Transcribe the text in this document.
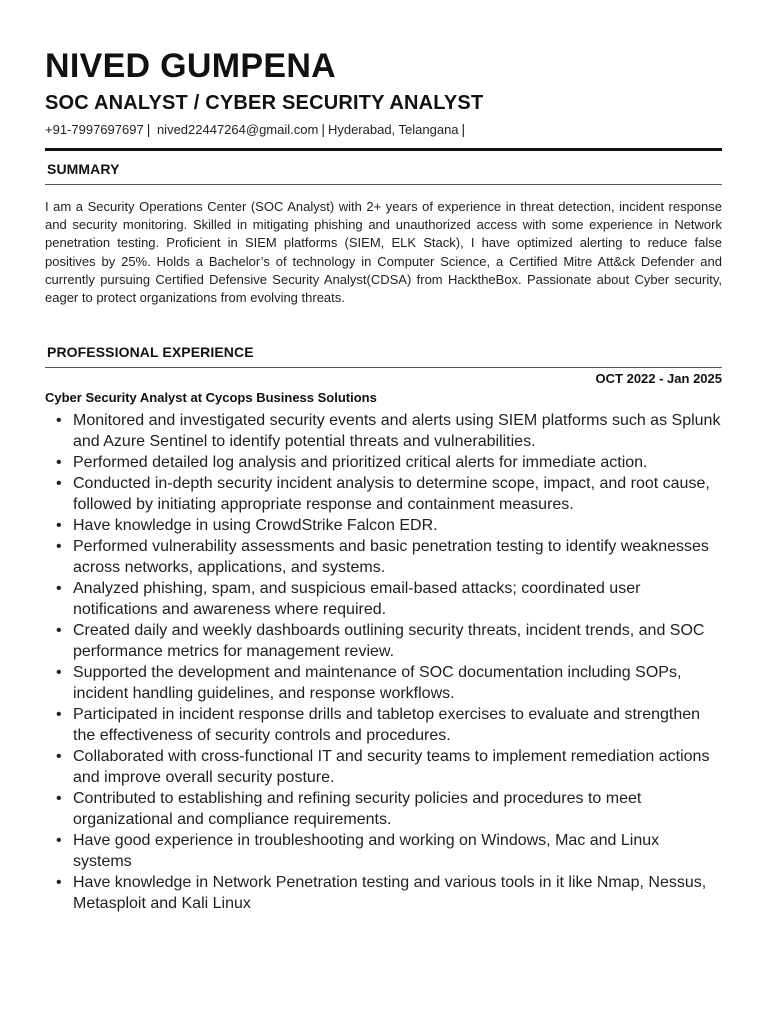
NIVED GUMPENA
SOC ANALYST / CYBER SECURITY ANALYST
+91-7997697697 | nived22447264@gmail.com | Hyderabad, Telangana |
SUMMARY
I am a Security Operations Center (SOC Analyst) with 2+ years of experience in threat detection, incident response and security monitoring. Skilled in mitigating phishing and unauthorized access with some experience in Network penetration testing. Proficient in SIEM platforms (SIEM, ELK Stack), I have optimized alerting to reduce false positives by 25%. Holds a Bachelor’s of technology in Computer Science, a Certified Mitre Att&ck Defender and currently pursuing Certified Defensive Security Analyst(CDSA) from HacktheBox. Passionate about Cyber security, eager to protect organizations from evolving threats.
PROFESSIONAL EXPERIENCE
OCT 2022 - Jan 2025
Cyber Security Analyst at Cycops Business Solutions
• Monitored and investigated security events and alerts using SIEM platforms such as Splunk and Azure Sentinel to identify potential threats and vulnerabilities.
• Performed detailed log analysis and prioritized critical alerts for immediate action.
• Conducted in-depth security incident analysis to determine scope, impact, and root cause, followed by initiating appropriate response and containment measures.
• Have knowledge in using CrowdStrike Falcon EDR.
• Performed vulnerability assessments and basic penetration testing to identify weaknesses across networks, applications, and systems.
• Analyzed phishing, spam, and suspicious email-based attacks; coordinated user notifications and awareness where required.
• Created daily and weekly dashboards outlining security threats, incident trends, and SOC performance metrics for management review.
• Supported the development and maintenance of SOC documentation including SOPs, incident handling guidelines, and response workflows.
• Participated in incident response drills and tabletop exercises to evaluate and strengthen the effectiveness of security controls and procedures.
• Collaborated with cross-functional IT and security teams to implement remediation actions and improve overall security posture.
• Contributed to establishing and refining security policies and procedures to meet organizational and compliance requirements.
• Have good experience in troubleshooting and working on Windows, Mac and Linux systems
• Have knowledge in Network Penetration testing and various tools in it like Nmap, Nessus, Metasploit and Kali Linux
